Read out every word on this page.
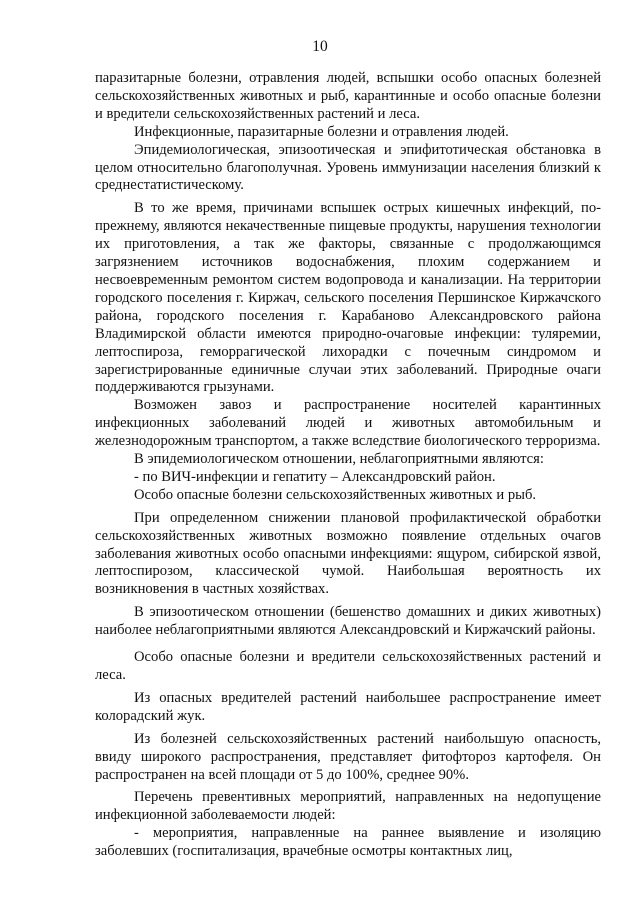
10

паразитарные болезни, отравления людей, вспышки особо опасных болезней сельскохозяйственных животных и рыб, карантинные и особо опасные болезни и вредители сельскохозяйственных растений и леса.

Инфекционные, паразитарные болезни и отравления людей.

Эпидемиологическая, эпизоотическая и эпифитотическая обстановка в целом относительно благополучная. Уровень иммунизации населения близкий к среднестатистическому.

В то же время, причинами вспышек острых кишечных инфекций, по-прежнему, являются некачественные пищевые продукты, нарушения технологии их приготовления, а так же факторы, связанные с продолжающимся загрязнением источников водоснабжения, плохим содержанием и несвоевременным ремонтом систем водопровода и канализации. На территории городского поселения г. Киржач, сельского поселения Першинское Киржачского района, городского поселения г. Карабаново Александровского района Владимирской области имеются природно-очаговые инфекции: туляремии, лептоспироза, геморрагической лихорадки с почечным синдромом и зарегистрированные единичные случаи этих заболеваний. Природные очаги поддерживаются грызунами.

Возможен завоз и распространение носителей карантинных инфекционных заболеваний людей и животных автомобильным и железнодорожным транспортом, а также вследствие биологического терроризма.

В эпидемиологическом отношении, неблагоприятными являются:

- по ВИЧ-инфекции и гепатиту – Александровский район.

Особо опасные болезни сельскохозяйственных животных и рыб.

При определенном снижении плановой профилактической обработки сельскохозяйственных животных возможно появление отдельных очагов заболевания животных особо опасными инфекциями: ящуром, сибирской язвой, лептоспирозом, классической чумой. Наибольшая вероятность их возникновения в частных хозяйствах.

В эпизоотическом отношении (бешенство домашних и диких животных) наиболее неблагоприятными являются Александровский и Киржачский районы.

Особо опасные болезни и вредители сельскохозяйственных растений и леса.

Из опасных вредителей растений наибольшее распространение имеет колорадский жук.

Из болезней сельскохозяйственных растений наибольшую опасность, ввиду широкого распространения, представляет фитофтороз картофеля. Он распространен на всей площади от 5 до 100%, среднее 90%.

Перечень превентивных мероприятий, направленных на недопущение инфекционной заболеваемости людей:

- мероприятия, направленные на раннее выявление и изоляцию заболевших (госпитализация, врачебные осмотры контактных лиц,
